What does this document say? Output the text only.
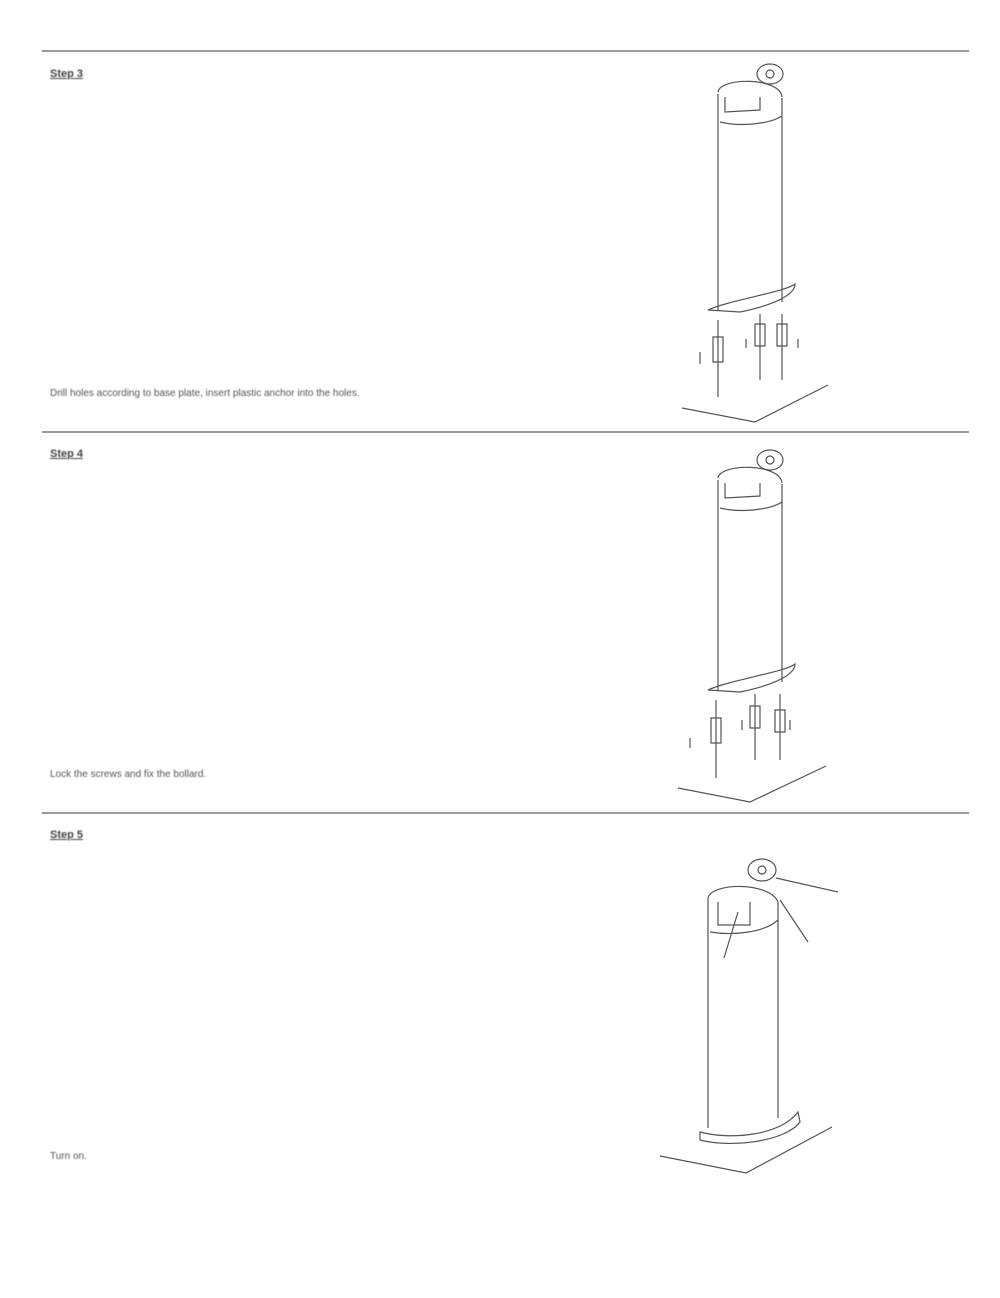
Step 3
Drill holes according to base plate, insert plastic anchor into the holes.
Step 4
Lock the screws and fix the bollard.
Step 5
Turn on.
